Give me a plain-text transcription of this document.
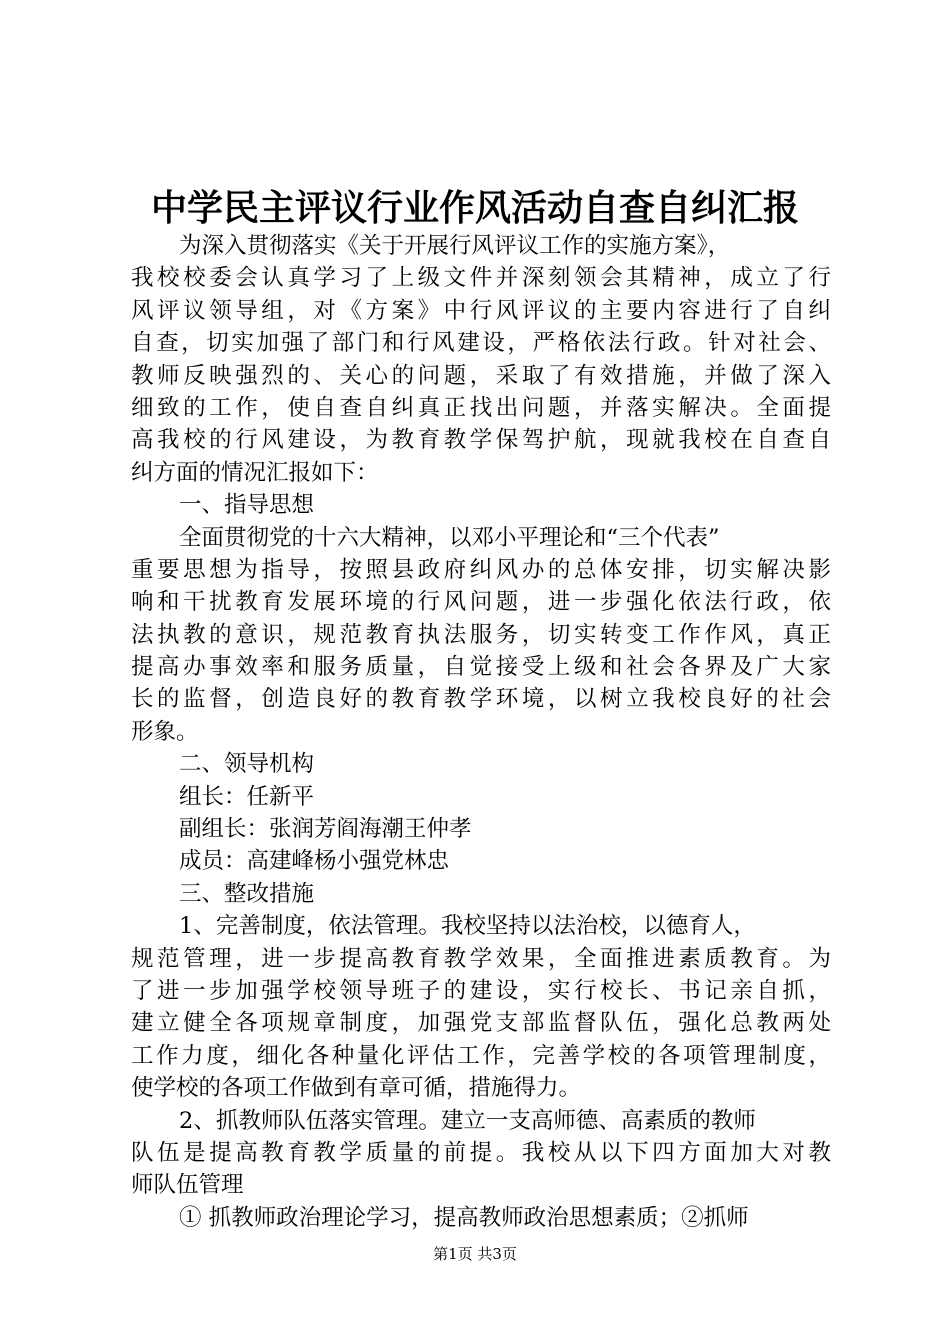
中学民主评议行业作风活动自查自纠汇报
为深入贯彻落实《关于开展行风评议工作的实施方案》，
我校校委会认真学习了上级文件并深刻领会其精神，成立了行
风评议领导组，对《方案》中行风评议的主要内容进行了自纠
自查，切实加强了部门和行风建设，严格依法行政。针对社会、
教师反映强烈的、关心的问题，采取了有效措施，并做了深入
细致的工作，使自查自纠真正找出问题，并落实解决。全面提
高我校的行风建设，为教育教学保驾护航，现就我校在自查自
纠方面的情况汇报如下：
一、指导思想
全面贯彻党的十六大精神，以邓小平理论和“三个代表”
重要思想为指导，按照县政府纠风办的总体安排，切实解决影
响和干扰教育发展环境的行风问题，进一步强化依法行政，依
法执教的意识，规范教育执法服务，切实转变工作作风，真正
提高办事效率和服务质量，自觉接受上级和社会各界及广大家
长的监督，创造良好的教育教学环境，以树立我校良好的社会
形象。
二、领导机构
组长：任新平
副组长：张润芳阎海潮王仲孝
成员：高建峰杨小强党林忠
三、整改措施
1、完善制度，依法管理。我校坚持以法治校，以德育人，
规范管理，进一步提高教育教学效果，全面推进素质教育。为
了进一步加强学校领导班子的建设，实行校长、书记亲自抓，
建立健全各项规章制度，加强党支部监督队伍，强化总教两处
工作力度，细化各种量化评估工作，完善学校的各项管理制度，
使学校的各项工作做到有章可循，措施得力。
2、抓教师队伍落实管理。建立一支高师德、高素质的教师
队伍是提高教育教学质量的前提。我校从以下四方面加大对教
师队伍管理
① 抓教师政治理论学习，提高教师政治思想素质；②抓师
第1页 共3页
